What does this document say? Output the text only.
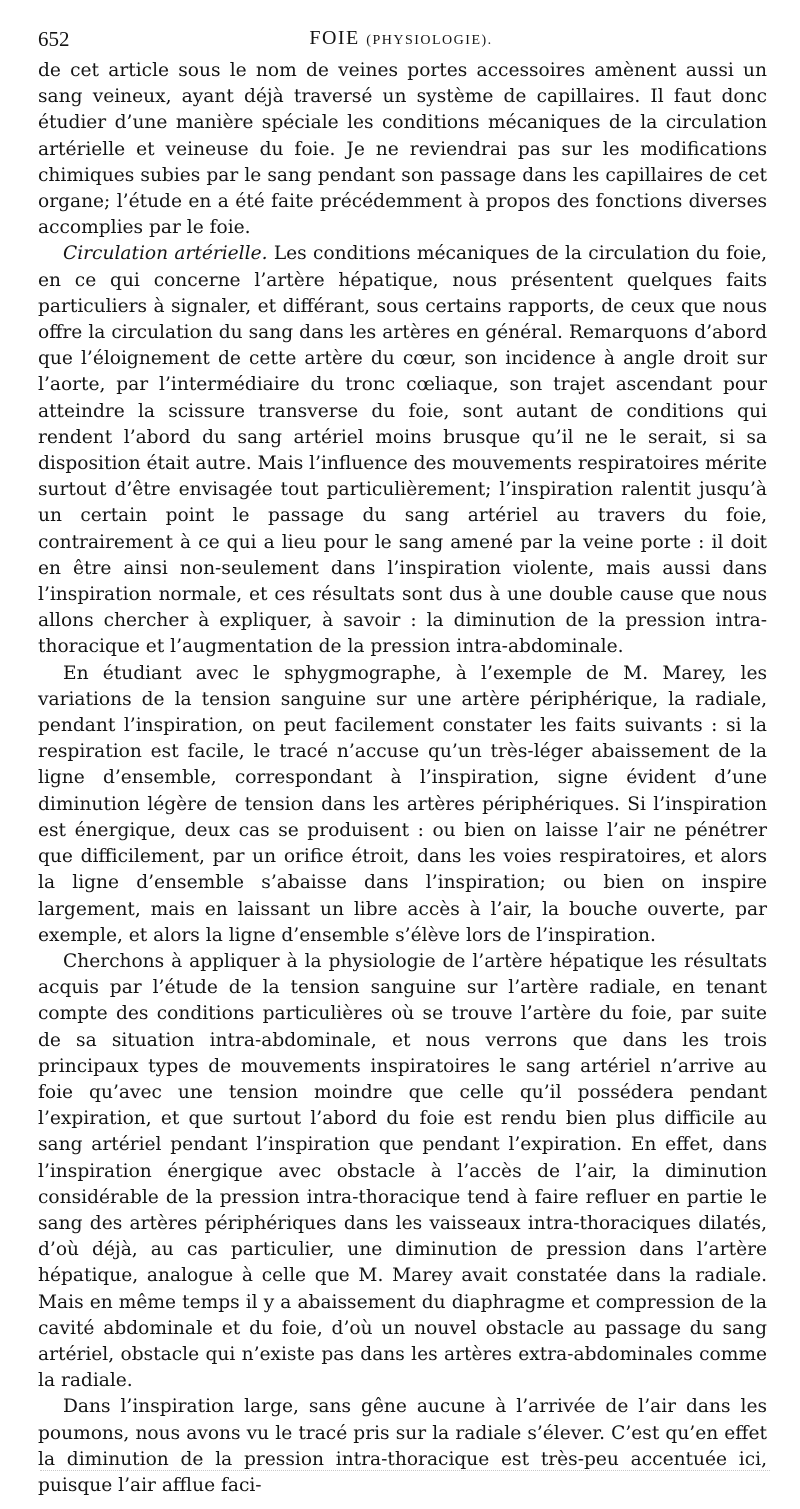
652	FOIE (PHYSIOLOGIE).

de cet article sous le nom de veines portes accessoires amènent aussi un sang veineux, ayant déjà traversé un système de capillaires. Il faut donc étudier d’une manière spéciale les conditions mécaniques de la circulation artérielle et veineuse du foie. Je ne reviendrai pas sur les modifications chimiques subies par le sang pendant son passage dans les capillaires de cet organe; l’étude en a été faite précédemment à propos des fonctions diverses accomplies par le foie.

Circulation artérielle. Les conditions mécaniques de la circulation du foie, en ce qui concerne l’artère hépatique, nous présentent quelques faits particuliers à signaler, et différant, sous certains rapports, de ceux que nous offre la circulation du sang dans les artères en général. Remarquons d’abord que l’éloignement de cette artère du cœur, son incidence à angle droit sur l’aorte, par l’intermédiaire du tronc cœliaque, son trajet ascendant pour atteindre la scissure transverse du foie, sont autant de conditions qui rendent l’abord du sang artériel moins brusque qu’il ne le serait, si sa disposition était autre. Mais l’influence des mouvements respiratoires mérite surtout d’être envisagée tout particulièrement; l’inspiration ralentit jusqu’à un certain point le passage du sang artériel au travers du foie, contrairement à ce qui a lieu pour le sang amené par la veine porte : il doit en être ainsi non-seulement dans l’inspiration violente, mais aussi dans l’inspiration normale, et ces résultats sont dus à une double cause que nous allons chercher à expliquer, à savoir : la diminution de la pression intra-thoracique et l’augmentation de la pression intra-abdominale.

En étudiant avec le sphygmographe, à l’exemple de M. Marey, les variations de la tension sanguine sur une artère périphérique, la radiale, pendant l’inspiration, on peut facilement constater les faits suivants : si la respiration est facile, le tracé n’accuse qu’un très-léger abaissement de la ligne d’ensemble, correspondant à l’inspiration, signe évident d’une diminution légère de tension dans les artères périphériques. Si l’inspiration est énergique, deux cas se produisent : ou bien on laisse l’air ne pénétrer que difficilement, par un orifice étroit, dans les voies respiratoires, et alors la ligne d’ensemble s’abaisse dans l’inspiration; ou bien on inspire largement, mais en laissant un libre accès à l’air, la bouche ouverte, par exemple, et alors la ligne d’ensemble s’élève lors de l’inspiration.

Cherchons à appliquer à la physiologie de l’artère hépatique les résultats acquis par l’étude de la tension sanguine sur l’artère radiale, en tenant compte des conditions particulières où se trouve l’artère du foie, par suite de sa situation intra-abdominale, et nous verrons que dans les trois principaux types de mouvements inspiratoires le sang artériel n’arrive au foie qu’avec une tension moindre que celle qu’il possédera pendant l’expiration, et que surtout l’abord du foie est rendu bien plus difficile au sang artériel pendant l’inspiration que pendant l’expiration. En effet, dans l’inspiration énergique avec obstacle à l’accès de l’air, la diminution considérable de la pression intra-thoracique tend à faire refluer en partie le sang des artères périphériques dans les vaisseaux intra-thoraciques dilatés, d’où déjà, au cas particulier, une diminution de pression dans l’artère hépatique, analogue à celle que M. Marey avait constatée dans la radiale. Mais en même temps il y a abaissement du diaphragme et compression de la cavité abdominale et du foie, d’où un nouvel obstacle au passage du sang artériel, obstacle qui n’existe pas dans les artères extra-abdominales comme la radiale.

Dans l’inspiration large, sans gêne aucune à l’arrivée de l’air dans les poumons, nous avons vu le tracé pris sur la radiale s’élever. C’est qu’en effet la diminution de la pression intra-thoracique est très-peu accentuée ici, puisque l’air afflue faci-
